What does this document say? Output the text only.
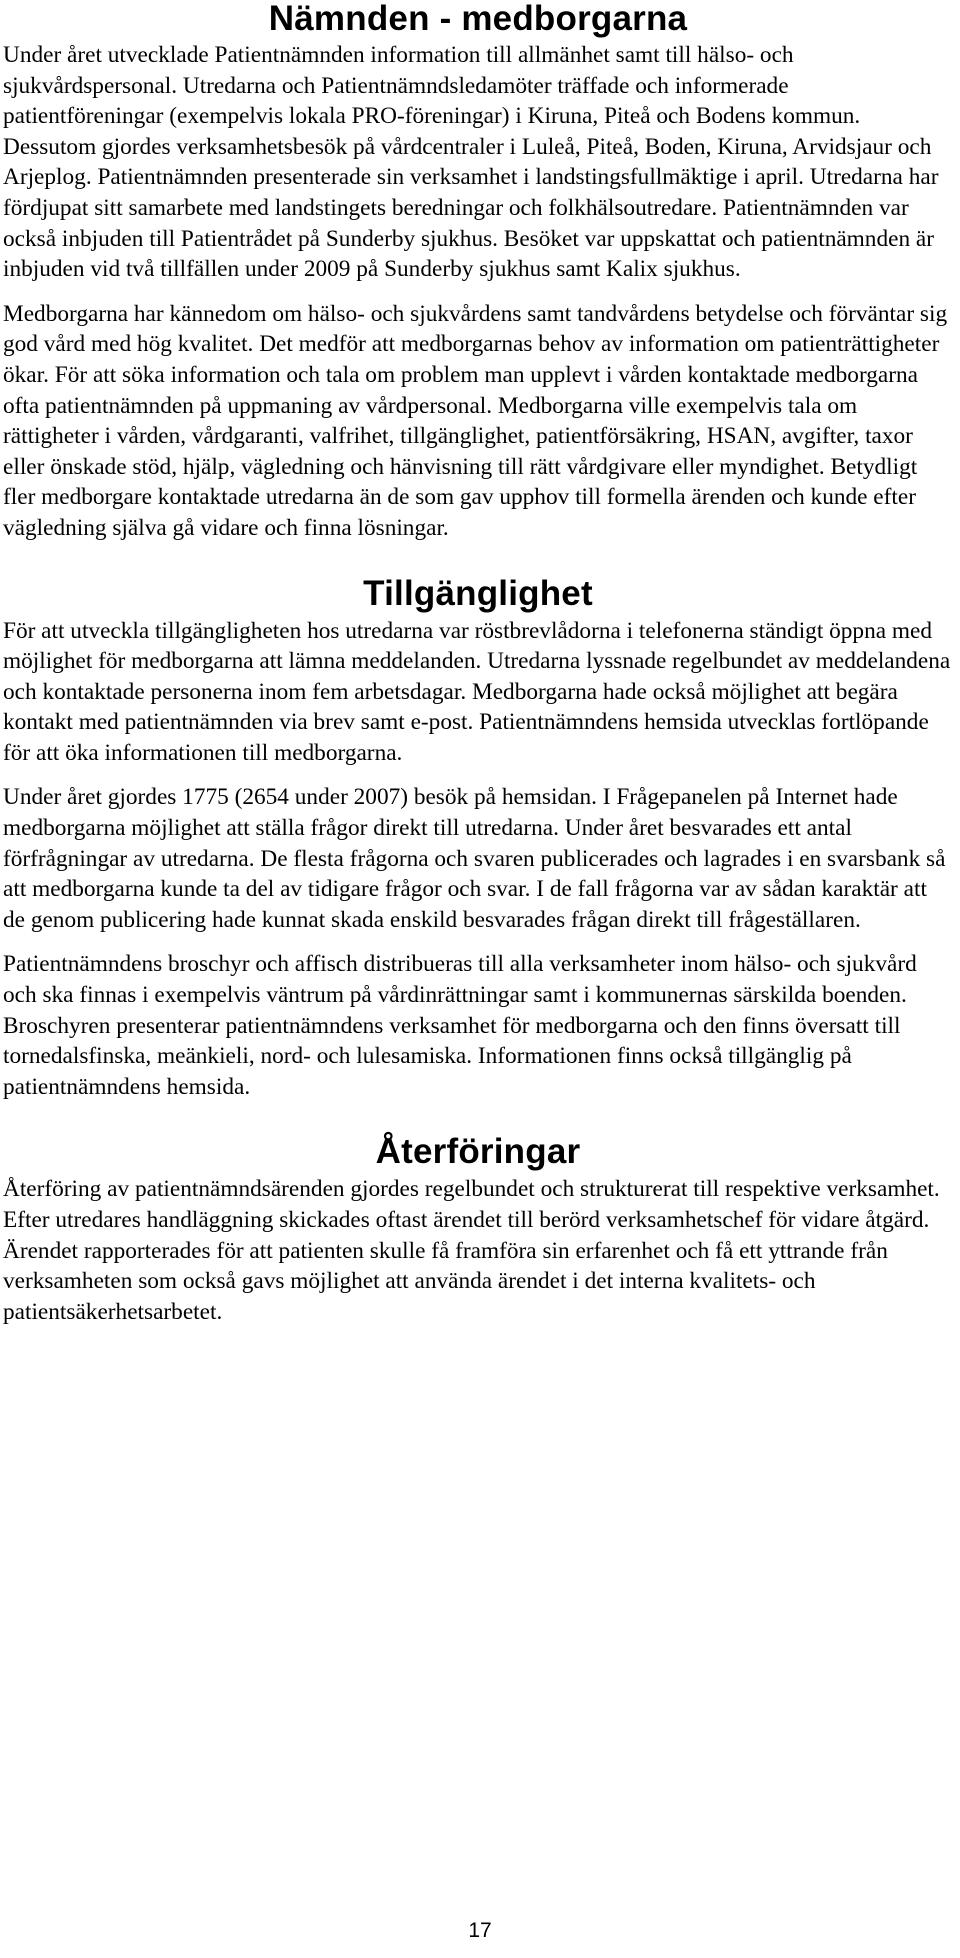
Nämnden - medborgarna

Under året utvecklade Patientnämnden information till allmänhet samt till hälso- och sjukvårdspersonal. Utredarna och Patientnämndsledamöter träffade och informerade patientföreningar (exempelvis lokala PRO-föreningar) i Kiruna, Piteå och Bodens kommun. Dessutom gjordes verksamhetsbesök på vårdcentraler i Luleå, Piteå, Boden, Kiruna, Arvidsjaur och Arjeplog. Patientnämnden presenterade sin verksamhet i landstingsfullmäktige i april. Utredarna har fördjupat sitt samarbete med landstingets beredningar och folkhälsoutredare. Patientnämnden var också inbjuden till Patientrådet på Sunderby sjukhus. Besöket var uppskattat och patientnämnden är inbjuden vid två tillfällen under 2009 på Sunderby sjukhus samt Kalix sjukhus.

Medborgarna har kännedom om hälso- och sjukvårdens samt tandvårdens betydelse och förväntar sig god vård med hög kvalitet. Det medför att medborgarnas behov av information om patienträttigheter ökar. För att söka information och tala om problem man upplevt i vården kontaktade medborgarna ofta patientnämnden på uppmaning av vårdpersonal. Medborgarna ville exempelvis tala om rättigheter i vården, vårdgaranti, valfrihet, tillgänglighet, patientförsäkring, HSAN, avgifter, taxor eller önskade stöd, hjälp, vägledning och hänvisning till rätt vårdgivare eller myndighet. Betydligt fler medborgare kontaktade utredarna än de som gav upphov till formella ärenden och kunde efter vägledning själva gå vidare och finna lösningar.

Tillgänglighet

För att utveckla tillgängligheten hos utredarna var röstbrevlådorna i telefonerna ständigt öppna med möjlighet för medborgarna att lämna meddelanden. Utredarna lyssnade regelbundet av meddelandena och kontaktade personerna inom fem arbetsdagar. Medborgarna hade också möjlighet att begära kontakt med patientnämnden via brev samt e-post. Patientnämndens hemsida utvecklas fortlöpande för att öka informationen till medborgarna.

Under året gjordes 1775 (2654 under 2007) besök på hemsidan. I Frågepanelen på Internet hade medborgarna möjlighet att ställa frågor direkt till utredarna. Under året besvarades ett antal förfrågningar av utredarna. De flesta frågorna och svaren publicerades och lagrades i en svarsbank så att medborgarna kunde ta del av tidigare frågor och svar. I de fall frågorna var av sådan karaktär att de genom publicering hade kunnat skada enskild besvarades frågan direkt till frågeställaren.

Patientnämndens broschyr och affisch distribueras till alla verksamheter inom hälso- och sjukvård och ska finnas i exempelvis väntrum på vårdinrättningar samt i kommunernas särskilda boenden. Broschyren presenterar patientnämndens verksamhet för medborgarna och den finns översatt till tornedalsfinska, meänkieli, nord- och lulesamiska. Informationen finns också tillgänglig på patientnämndens hemsida.

Återföringar

Återföring av patientnämndsärenden gjordes regelbundet och strukturerat till respektive verksamhet. Efter utredares handläggning skickades oftast ärendet till berörd verksamhetschef för vidare åtgärd. Ärendet rapporterades för att patienten skulle få framföra sin erfarenhet och få ett yttrande från verksamheten som också gavs möjlighet att använda ärendet i det interna kvalitets- och patientsäkerhetsarbetet.

17
